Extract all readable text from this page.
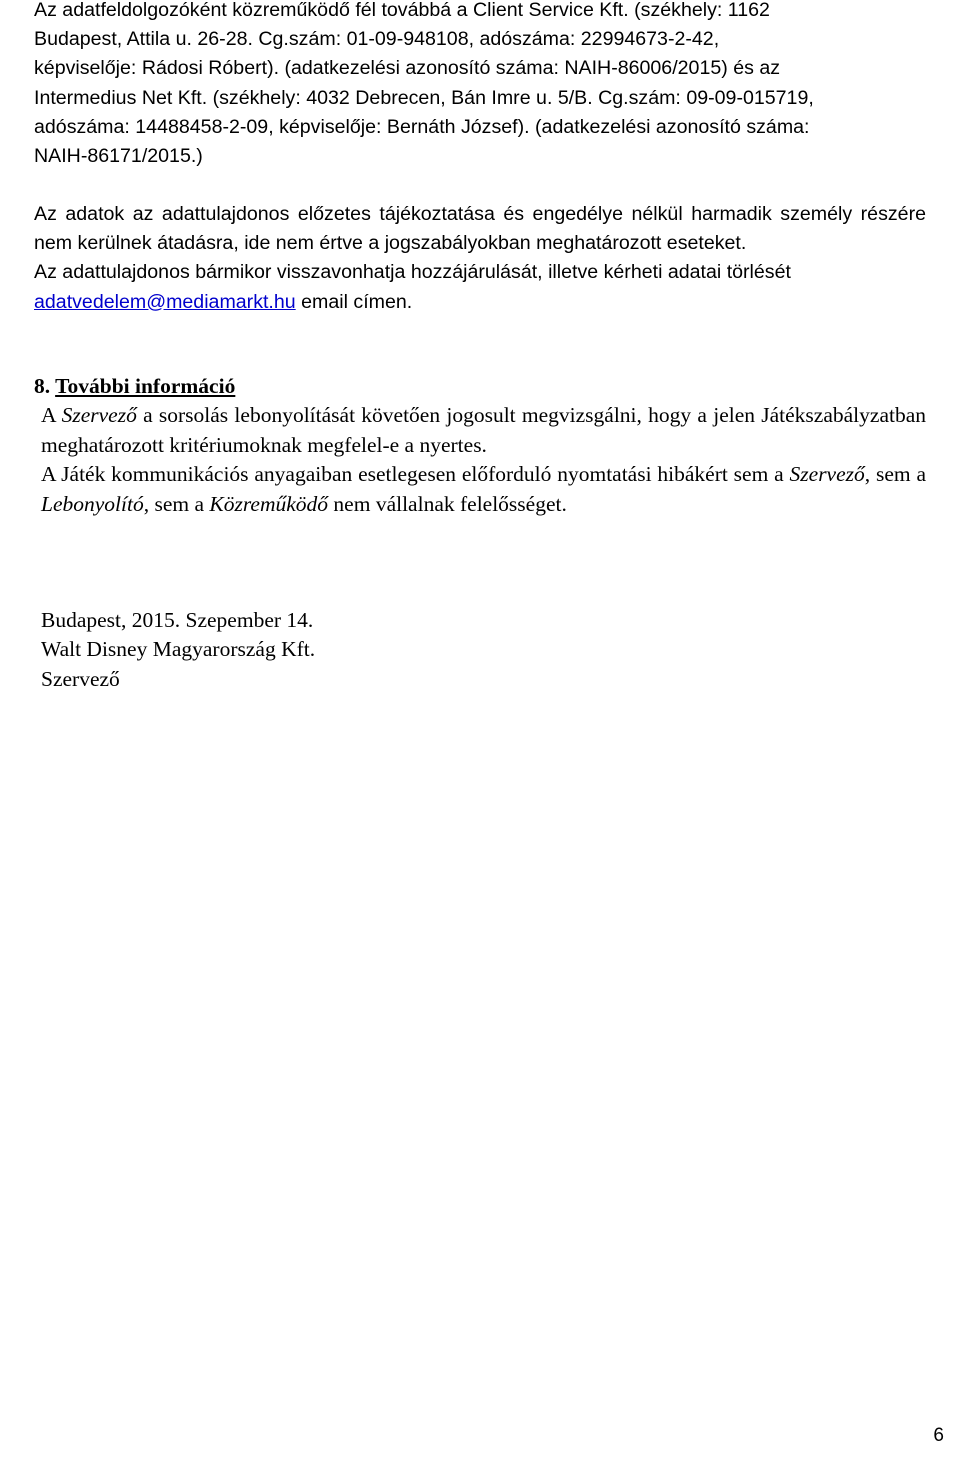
Az adatfeldolgozóként közreműködő fél továbbá a Client Service Kft. (székhely: 1162
Budapest, Attila u. 26-28. Cg.szám: 01-09-948108, adószáma: 22994673-2-42,
képviselője: Rádosi Róbert). (adatkezelési azonosító száma: NAIH-86006/2015) és az
Intermedius Net Kft. (székhely: 4032 Debrecen, Bán Imre u. 5/B. Cg.szám: 09-09-015719,
adószáma: 14488458-2-09, képviselője: Bernáth József). (adatkezelési azonosító száma:
NAIH-86171/2015.)

Az adatok az adattulajdonos előzetes tájékoztatása és engedélye nélkül harmadik személy részére nem kerülnek átadásra, ide nem értve a jogszabályokban meghatározott eseteket.

Az adattulajdonos bármikor visszavonhatja hozzájárulását, illetve kérheti adatai törlését
adatvedelem@mediamarkt.hu email címen.

8. További információ

A Szervező a sorsolás lebonyolítását követően jogosult megvizsgálni, hogy a jelen Játékszabályzatban meghatározott kritériumoknak megfelel-e a nyertes.

A Játék kommunikációs anyagaiban esetlegesen előforduló nyomtatási hibákért sem a Szervező, sem a Lebonyolító, sem a Közreműködő nem vállalnak felelősséget.

Budapest, 2015. Szepember 14.
Walt Disney Magyarország Kft.
Szervező
6
